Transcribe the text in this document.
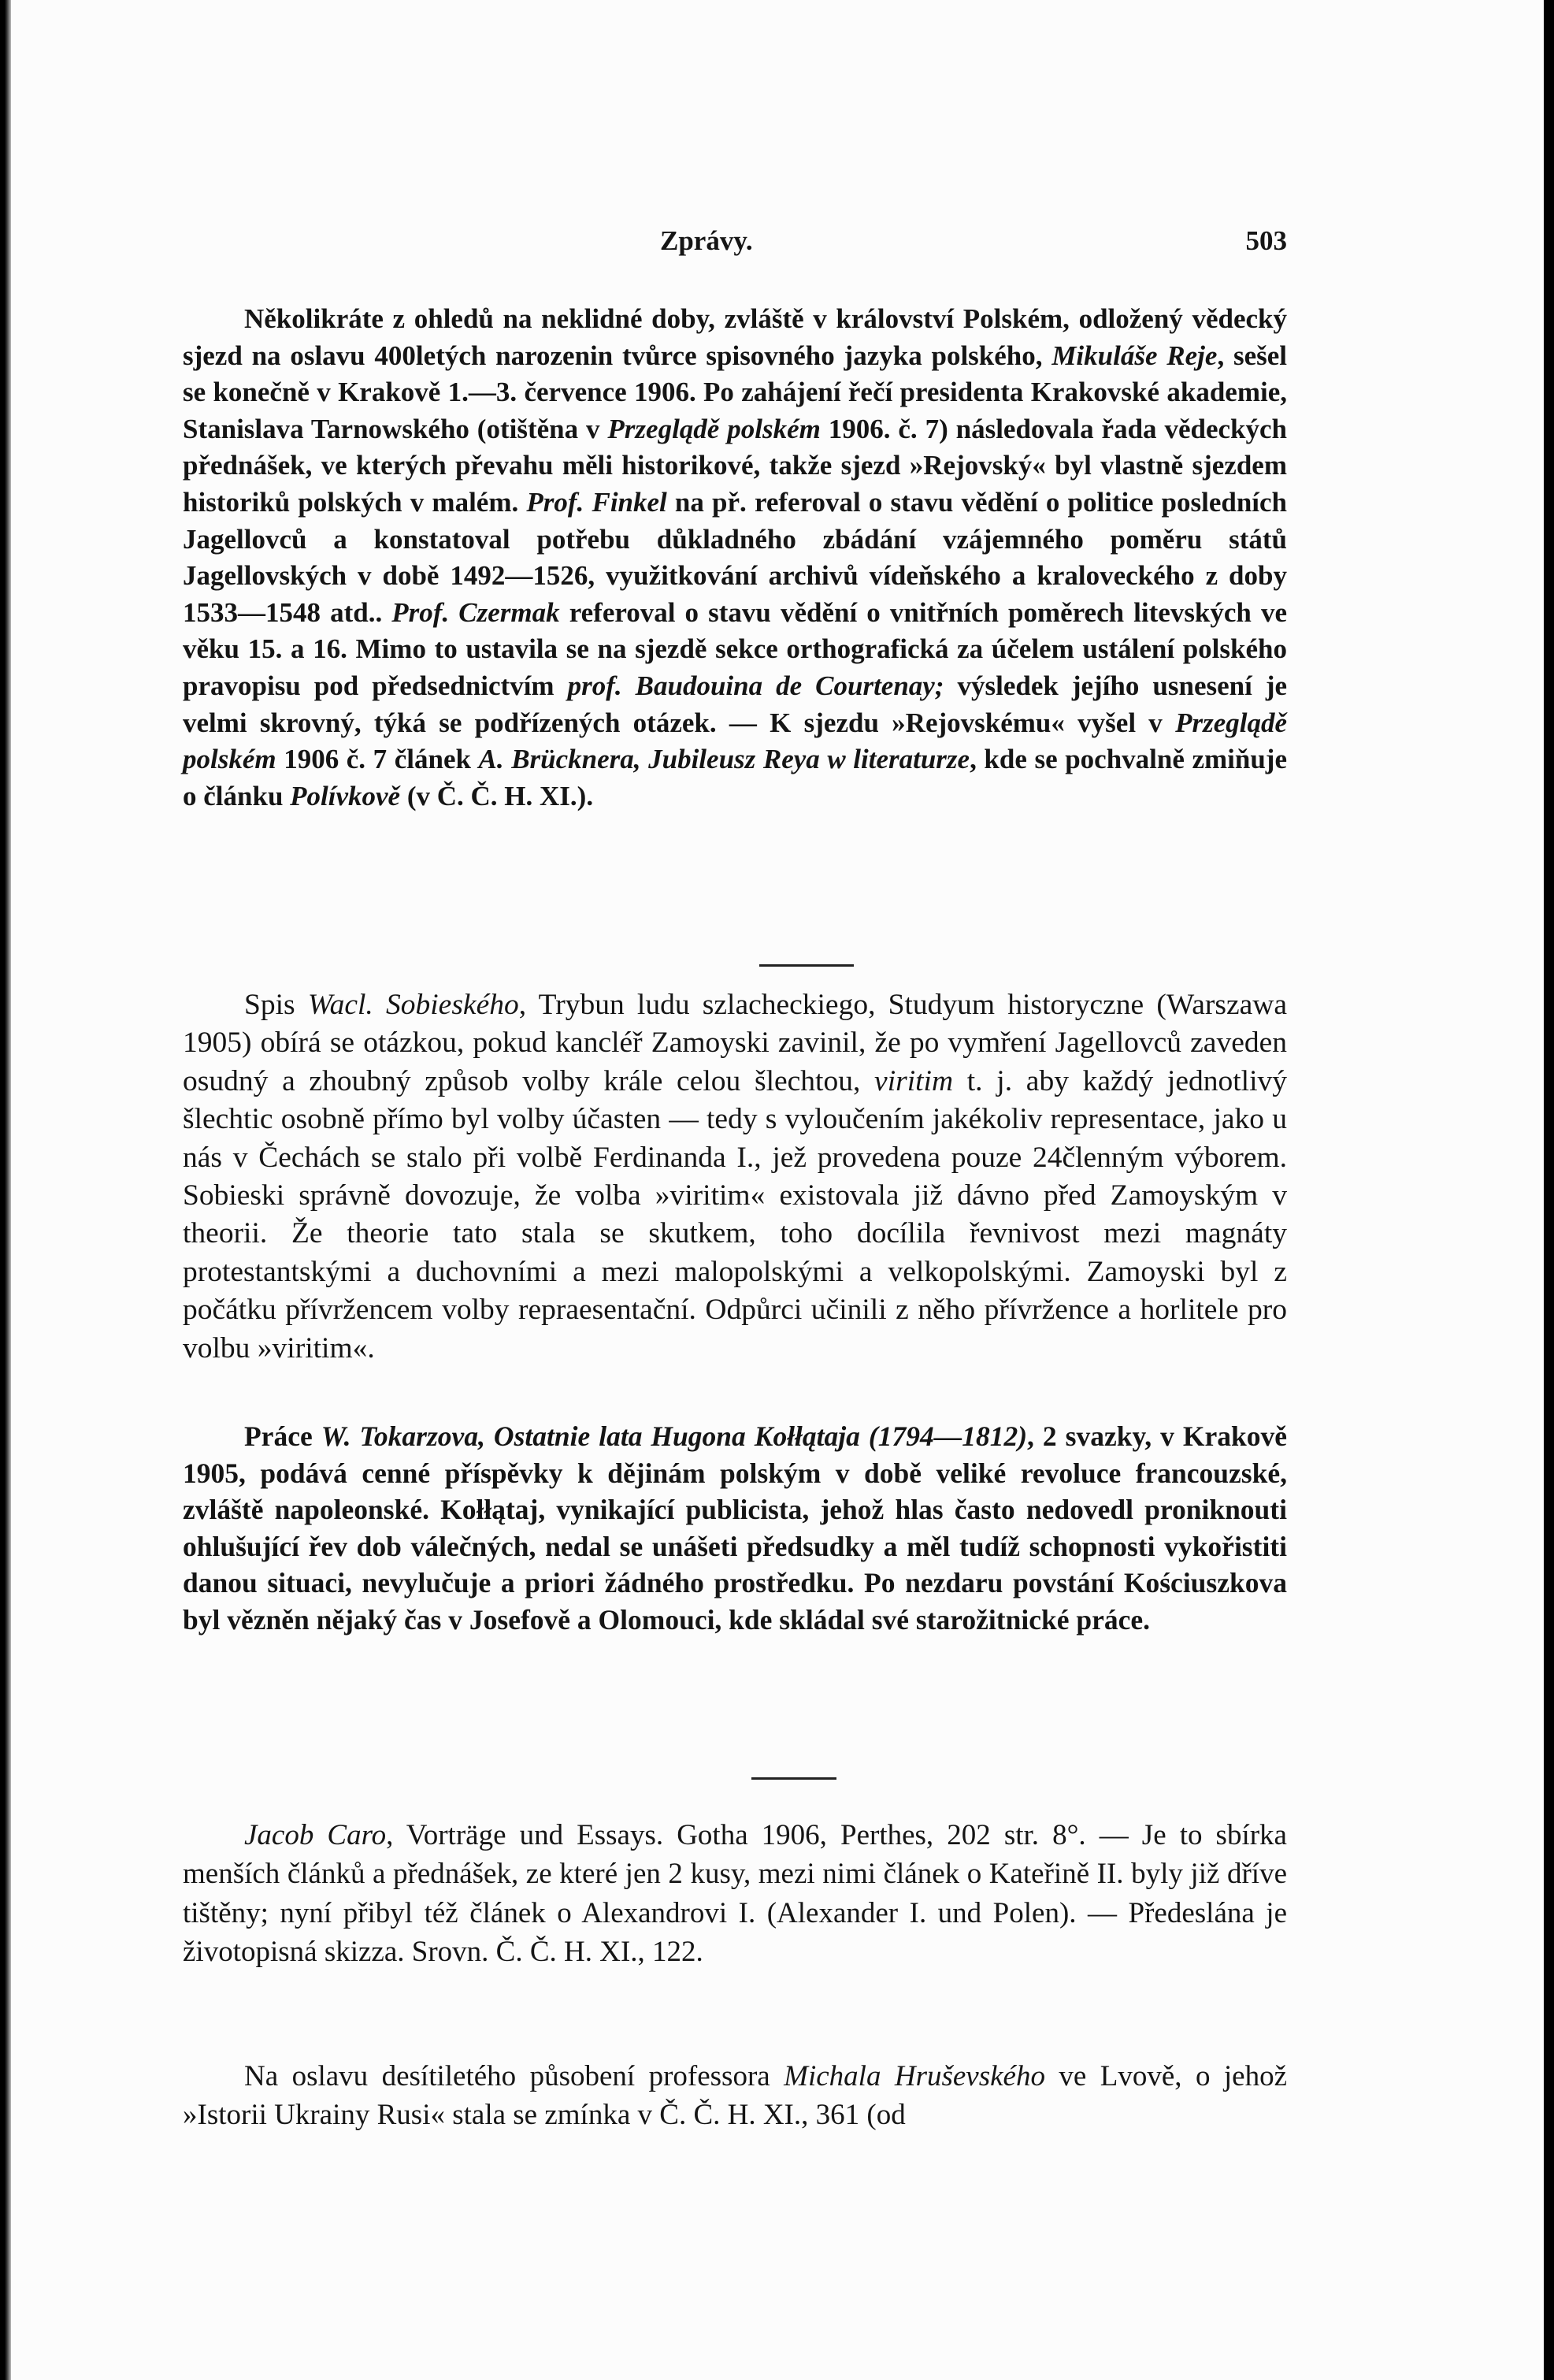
Zprávy.	503

Několikráte z ohledů na neklidné doby, zvláště v království Polském, odložený vědecký sjezd na oslavu 400letých narozenin tvůrce spisovného jazyka polského, Mikuláše Reje, sešel se konečně v Krakově 1.—3. července 1906. Po zahájení řečí presidenta Krakovské akademie, Stanislava Tarnowského (otištěna v Przeglądě polském 1906. č. 7) následovala řada vědeckých přednášek, ve kterých převahu měli historikové, takže sjezd »Rejovský« byl vlastně sjezdem historiků polských v malém. Prof. Finkel na př. referoval o stavu vědění o politice posledních Jagellovců a konstatoval potřebu důkladného zbádání vzájemného poměru států Jagellovských v době 1492—1526, využitkování archivů vídeňského a kraloveckého z doby 1533—1548 atd.. Prof. Czermak referoval o stavu vědění o vnitřních poměrech litevských ve věku 15. a 16. Mimo to ustavila se na sjezdě sekce orthografická za účelem ustálení polského pravopisu pod předsednictvím prof. Baudouina de Courtenay; výsledek jejího usnesení je velmi skrovný, týká se podřízených otázek. — K sjezdu »Rejovskému« vyšel v Przeglądě polském 1906 č. 7 článek A. Brücknera, Jubileusz Reya w literaturze, kde se pochvalně zmiňuje o článku Polívkově (v Č. Č. H. XI.).

Spis Wacl. Sobieského, Trybun ludu szlacheckiego, Studyum historyczne (Warszawa 1905) obírá se otázkou, pokud kancléř Zamoyski zavinil, že po vymření Jagellovců zaveden osudný a zhoubný způsob volby krále celou šlechtou, viritim t. j. aby každý jednotlivý šlechtic osobně přímo byl volby účasten — tedy s vyloučením jakékoliv representace, jako u nás v Čechách se stalo při volbě Ferdinanda I., jež provedena pouze 24členným výborem. Sobieski správně dovozuje, že volba »viritim« existovala již dávno před Zamoyským v theorii. Že theorie tato stala se skutkem, toho docílila řevnivost mezi magnáty protestantskými a duchovními a mezi malopolskými a velkopolskými. Zamoyski byl z počátku přívržencem volby repraesentační. Odpůrci učinili z něho přívržence a horlitele pro volbu »viritim«.

Práce W. Tokarzova, Ostatnie lata Hugona Kołłątaja (1794—1812), 2 svazky, v Krakově 1905, podává cenné příspěvky k dějinám polským v době veliké revoluce francouzské, zvláště napoleonské. Kołłątaj, vynikající publicista, jehož hlas často nedovedl proniknouti ohlušující řev dob válečných, nedal se unášeti předsudky a měl tudíž schopnosti vykořistiti danou situaci, nevylučuje a priori žádného prostředku. Po nezdaru povstání Kościuszkova byl vězněn nějaký čas v Josefově a Olomouci, kde skládal své starožitnické práce.

Jacob Caro, Vorträge und Essays. Gotha 1906, Perthes, 202 str. 8°. — Je to sbírka menších článků a přednášek, ze které jen 2 kusy, mezi nimi článek o Kateřině II. byly již dříve tištěny; nyní přibyl též článek o Alexandrovi I. (Alexander I. und Polen). — Předeslána je životopisná skizza. Srovn. Č. Č. H. XI., 122.

Na oslavu desítiletého působení professora Michala Hruševského ve Lvově, o jehož »Istorii Ukrainy Rusi« stala se zmínka v Č. Č. H. XI., 361 (od
